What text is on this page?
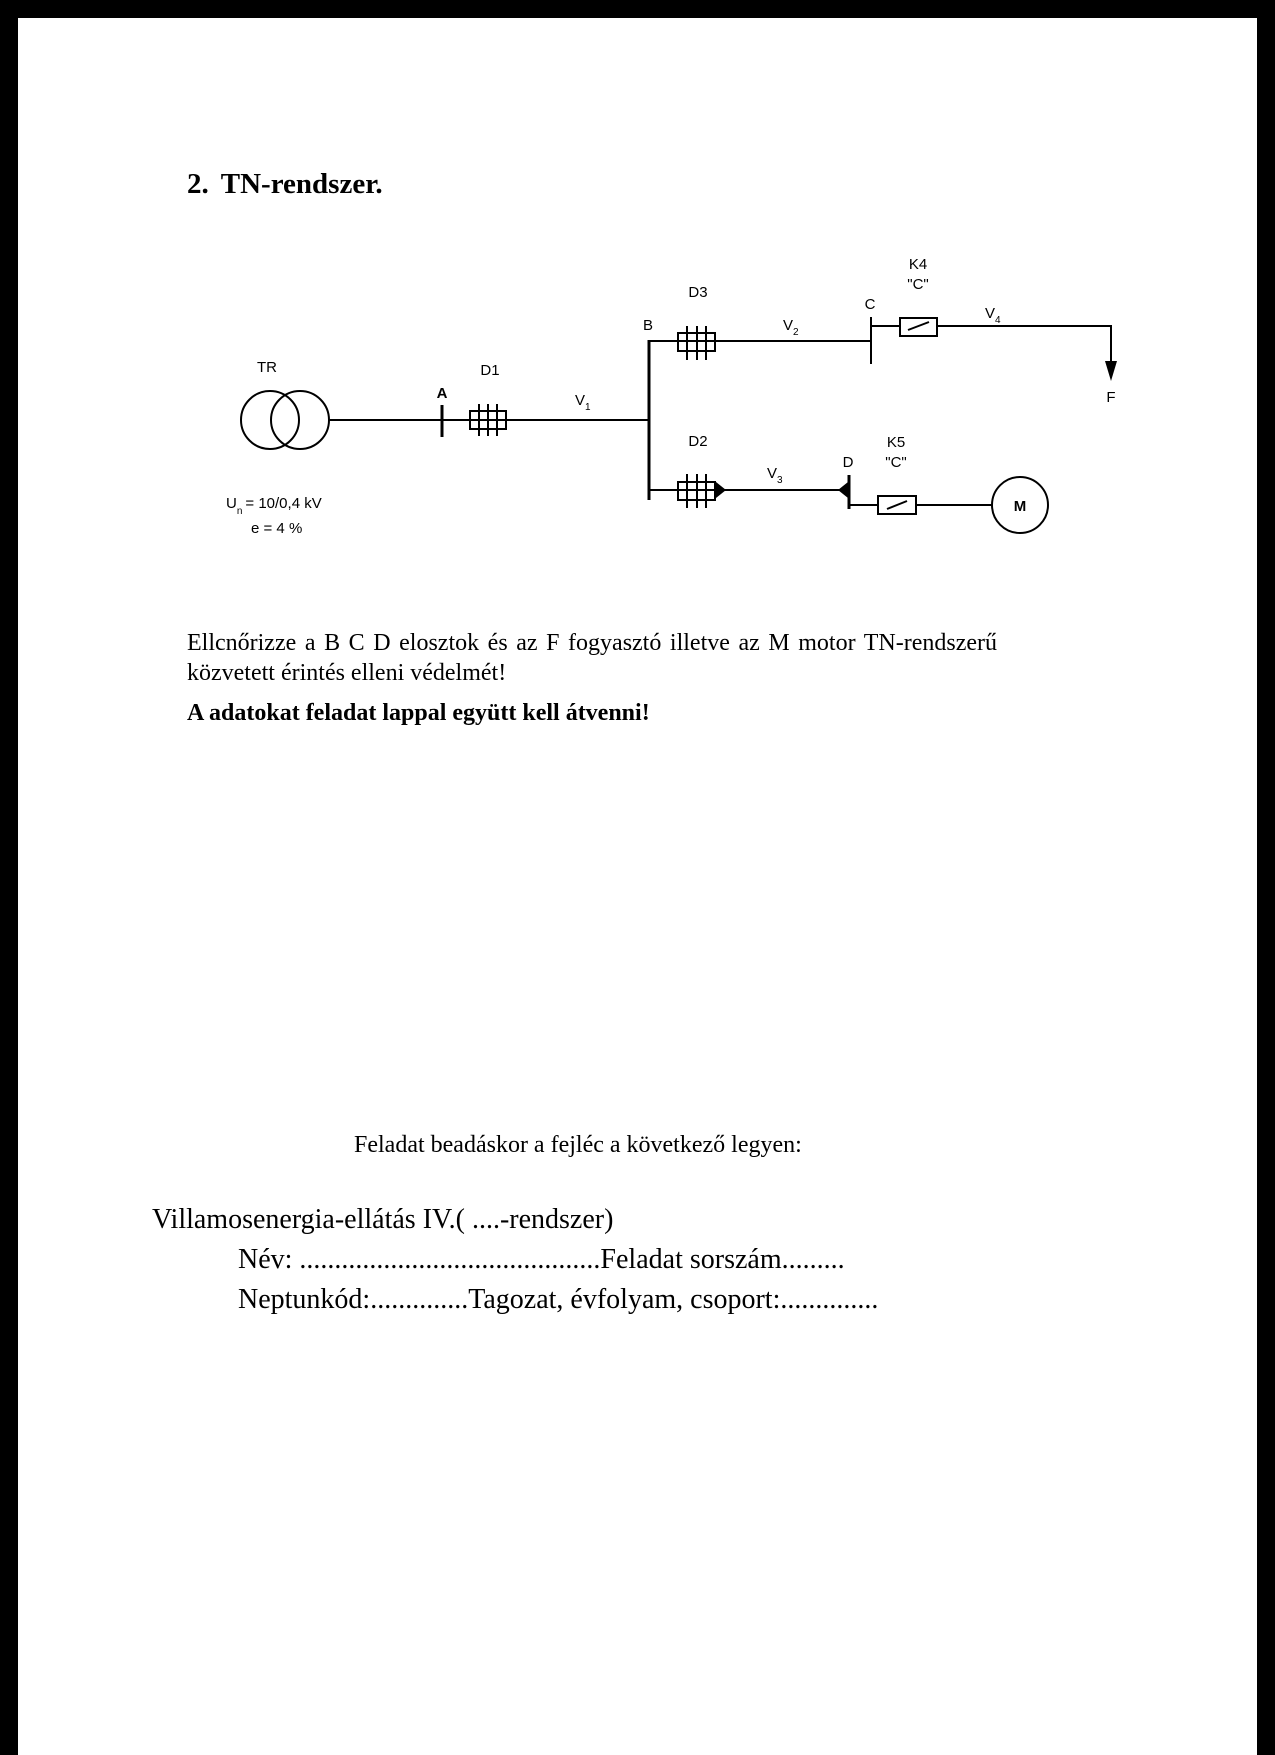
2. TN-rendszer.
TR
$U_n = 10/0,4$ kV
e = 4 %
A
D1
$V_1$
B
D3
$V_2$
C
K4
"C"
$V_4$
F
D2
$V_3$
D
K5
"C"
M

Ellcnőrizze a B C D elosztok és az F fogyasztó illetve az M motor TN-rendszerű közvetett érintés elleni védelmét!

A adatokat feladat lappal együtt kell átvenni!

Feladat beadáskor a fejléc a következő legyen:

Villamosenergia-ellátás IV.( ....-rendszer)

Név: ...........................................Feladat sorszám.........

Neptunkód:..............Tagozat, évfolyam, csoport:..............
